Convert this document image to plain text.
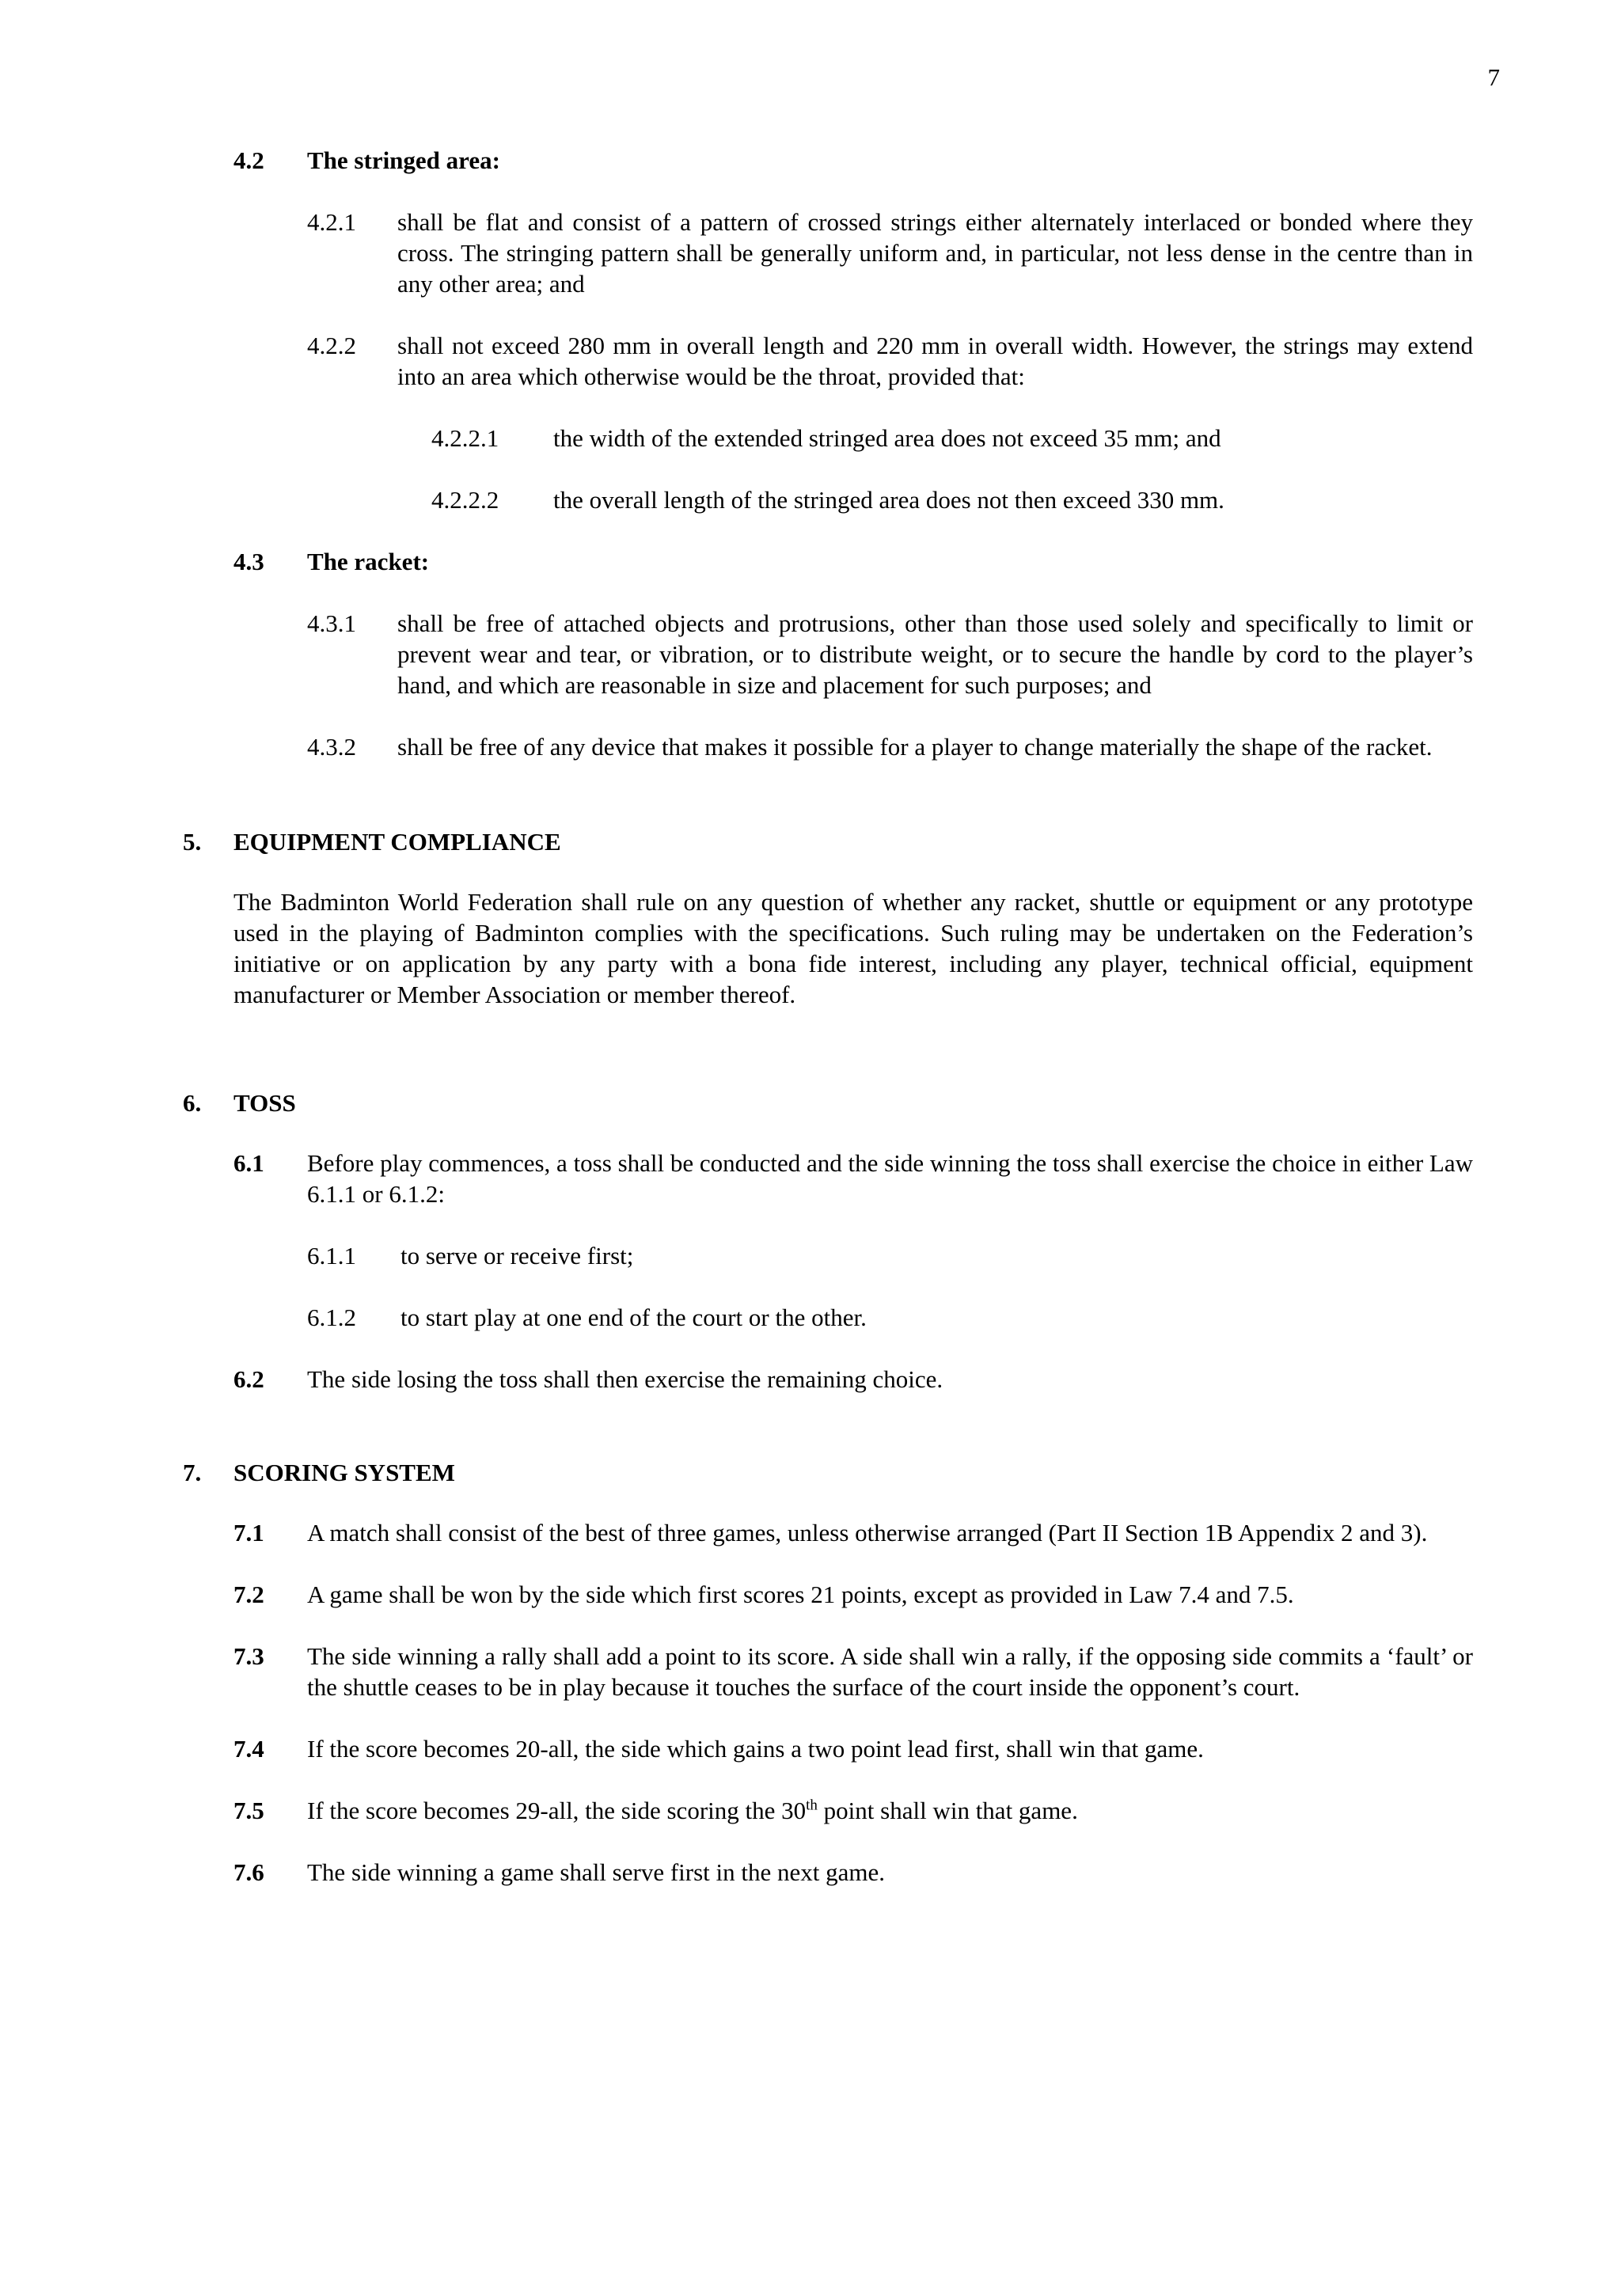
7
4.2	The stringed area:
4.2.1	shall be flat and consist of a pattern of crossed strings either alternately interlaced or bonded where they cross. The stringing pattern shall be generally uniform and, in particular, not less dense in the centre than in any other area; and
4.2.2	shall not exceed 280 mm in overall length and 220 mm in overall width. However, the strings may extend into an area which otherwise would be the throat, provided that:
4.2.2.1	the width of the extended stringed area does not exceed 35 mm; and
4.2.2.2	the overall length of the stringed area does not then exceed 330 mm.
4.3	The racket:
4.3.1	shall be free of attached objects and protrusions, other than those used solely and specifically to limit or prevent wear and tear, or vibration, or to distribute weight, or to secure the handle by cord to the player’s hand, and which are reasonable in size and placement for such purposes; and
4.3.2	shall be free of any device that makes it possible for a player to change materially the shape of the racket.
5.	EQUIPMENT COMPLIANCE
The Badminton World Federation shall rule on any question of whether any racket, shuttle or equipment or any prototype used in the playing of Badminton complies with the specifications. Such ruling may be undertaken on the Federation’s initiative or on application by any party with a bona fide interest, including any player, technical official, equipment manufacturer or Member Association or member thereof.
6.	TOSS
6.1	Before play commences, a toss shall be conducted and the side winning the toss shall exercise the choice in either Law 6.1.1 or 6.1.2:
6.1.1	to serve or receive first;
6.1.2	to start play at one end of the court or the other.
6.2	The side losing the toss shall then exercise the remaining choice.
7.	SCORING SYSTEM
7.1	A match shall consist of the best of three games, unless otherwise arranged (Part II Section 1B Appendix 2 and 3).
7.2	A game shall be won by the side which first scores 21 points, except as provided in Law 7.4 and 7.5.
7.3	The side winning a rally shall add a point to its score. A side shall win a rally, if the opposing side commits a ‘fault’ or the shuttle ceases to be in play because it touches the surface of the court inside the opponent’s court.
7.4	If the score becomes 20-all, the side which gains a two point lead first, shall win that game.
7.5	If the score becomes 29-all, the side scoring the 30th point shall win that game.
7.6	The side winning a game shall serve first in the next game.
